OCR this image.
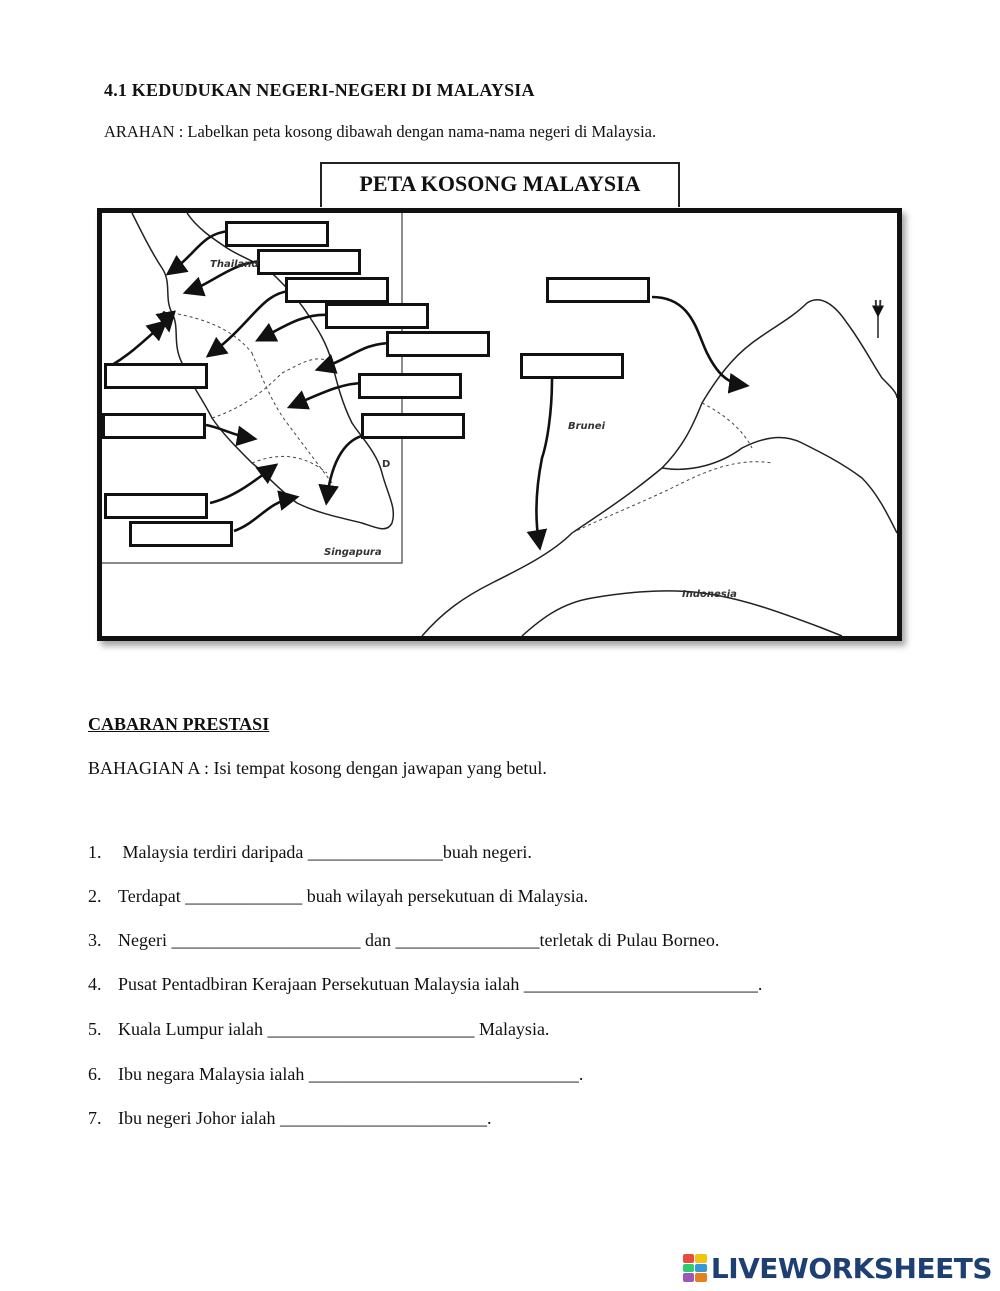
4.1 KEDUDUKAN NEGERI-NEGERI DI MALAYSIA
ARAHAN : Labelkan peta kosong dibawah dengan nama-nama negeri di Malaysia.
PETA KOSONG MALAYSIA
Thailand
Brunei
Singapura
Indonesia
D
U
CABARAN PRESTASI
BAHAGIAN A : Isi tempat kosong dengan jawapan yang betul.
1. Malaysia terdiri daripada _______________buah negeri.
2. Terdapat _____________ buah wilayah persekutuan di Malaysia.
3. Negeri _____________________ dan ________________terletak di Pulau Borneo.
4. Pusat Pentadbiran Kerajaan Persekutuan Malaysia ialah __________________________.
5. Kuala Lumpur ialah _______________________ Malaysia.
6. Ibu negara Malaysia ialah ______________________________.
7. Ibu negeri Johor ialah _______________________.
LIVEWORKSHEETS
